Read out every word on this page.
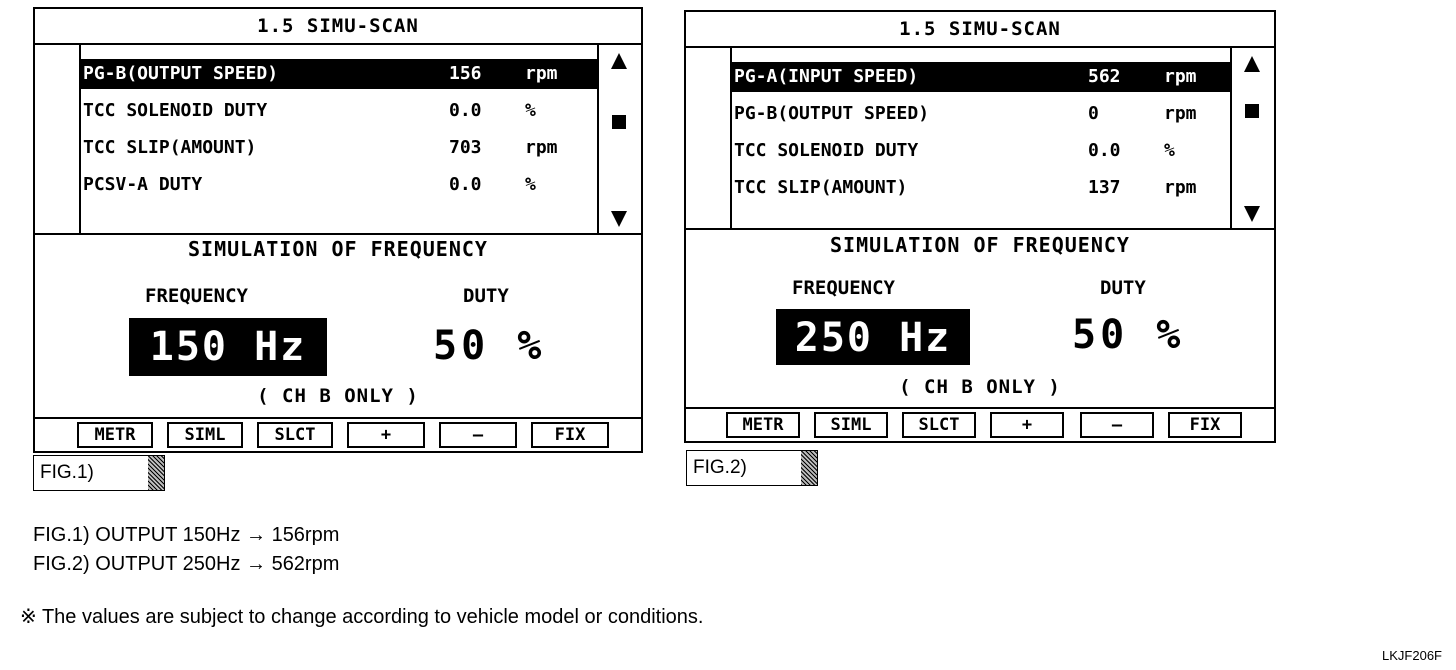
1.5 SIMU-SCAN
PG-B(OUTPUT SPEED)	156 rpm
TCC SOLENOID DUTY	0.0 %
TCC SLIP(AMOUNT)	703 rpm
PCSV-A DUTY	0.0 %
SIMULATION OF FREQUENCY
FREQUENCY	DUTY
150 Hz	50 %
( CH B ONLY )
METR	SIML	SLCT	+	—	FIX
FIG.1)
1.5 SIMU-SCAN
PG-A(INPUT SPEED)	562 rpm
PG-B(OUTPUT SPEED)	0	rpm
TCC SOLENOID DUTY	0.0 %
TCC SLIP(AMOUNT)	137 rpm
SIMULATION OF FREQUENCY
FREQUENCY	DUTY
250 Hz	50 %
( CH B ONLY )
METR	SIML	SLCT	+	—	FIX
FIG.2)
FIG.1) OUTPUT 150Hz → 156rpm
FIG.2) OUTPUT 250Hz → 562rpm
※ The values are subject to change according to vehicle model or conditions.
LKJF206F
